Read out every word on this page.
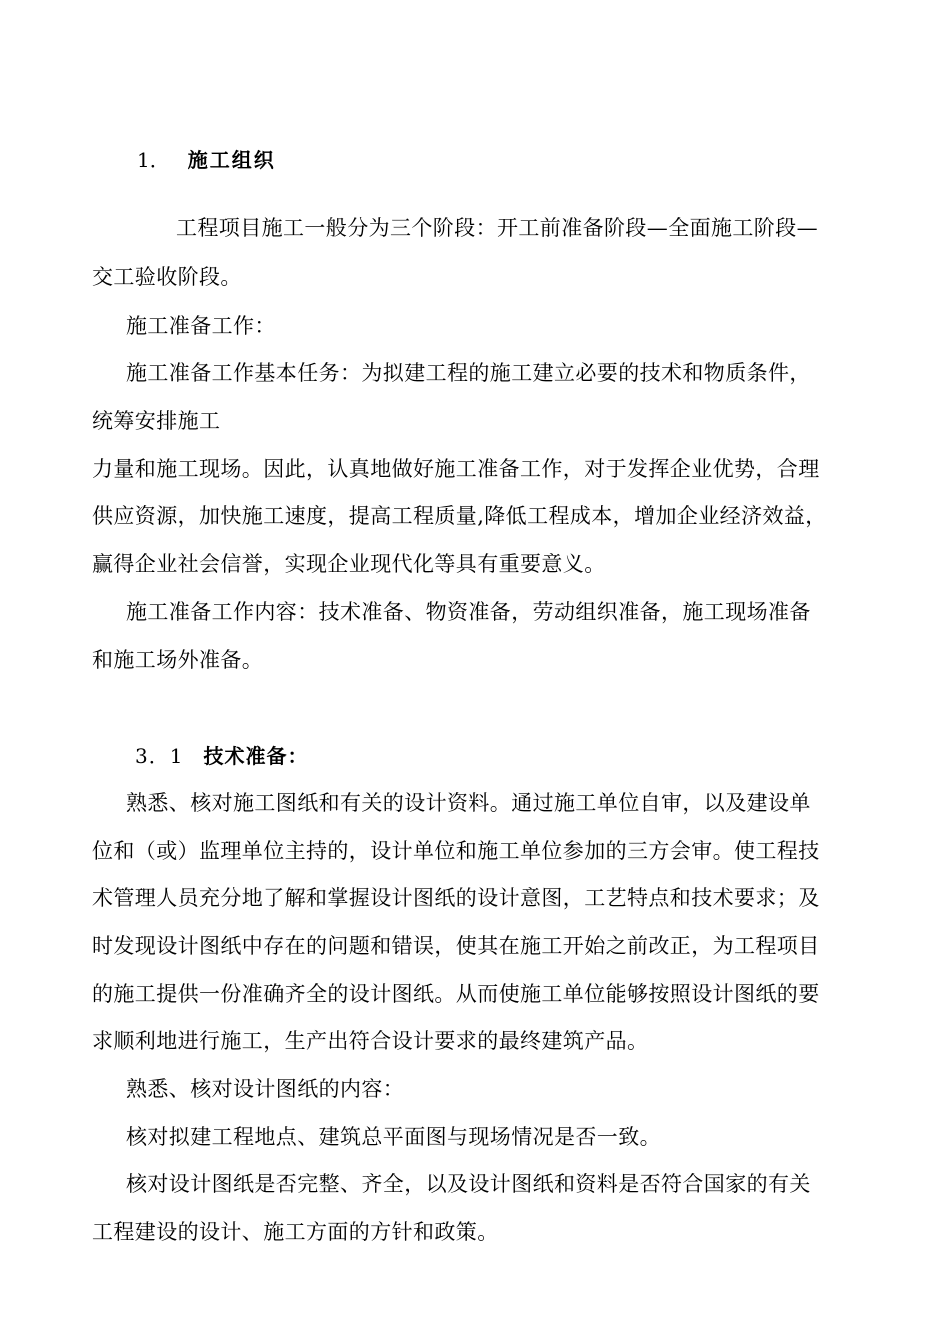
1． 施工组织
工程项目施工一般分为三个阶段：开工前准备阶段—全面施工阶段—
交工验收阶段。
施工准备工作：
施工准备工作基本任务：为拟建工程的施工建立必要的技术和物质条件，
统筹安排施工
力量和施工现场。因此，认真地做好施工准备工作，对于发挥企业优势，合理
供应资源，加快施工速度，提高工程质量,降低工程成本，增加企业经济效益，
赢得企业社会信誉，实现企业现代化等具有重要意义。
施工准备工作内容：技术准备、物资准备，劳动组织准备，施工现场准备
和施工场外准备。
3．1 技术准备：
熟悉、核对施工图纸和有关的设计资料。通过施工单位自审，以及建设单
位和（或）监理单位主持的，设计单位和施工单位参加的三方会审。使工程技
术管理人员充分地了解和掌握设计图纸的设计意图，工艺特点和技术要求；及
时发现设计图纸中存在的问题和错误，使其在施工开始之前改正，为工程项目
的施工提供一份准确齐全的设计图纸。从而使施工单位能够按照设计图纸的要
求顺利地进行施工，生产出符合设计要求的最终建筑产品。
熟悉、核对设计图纸的内容：
核对拟建工程地点、建筑总平面图与现场情况是否一致。
核对设计图纸是否完整、齐全，以及设计图纸和资料是否符合国家的有关
工程建设的设计、施工方面的方针和政策。
